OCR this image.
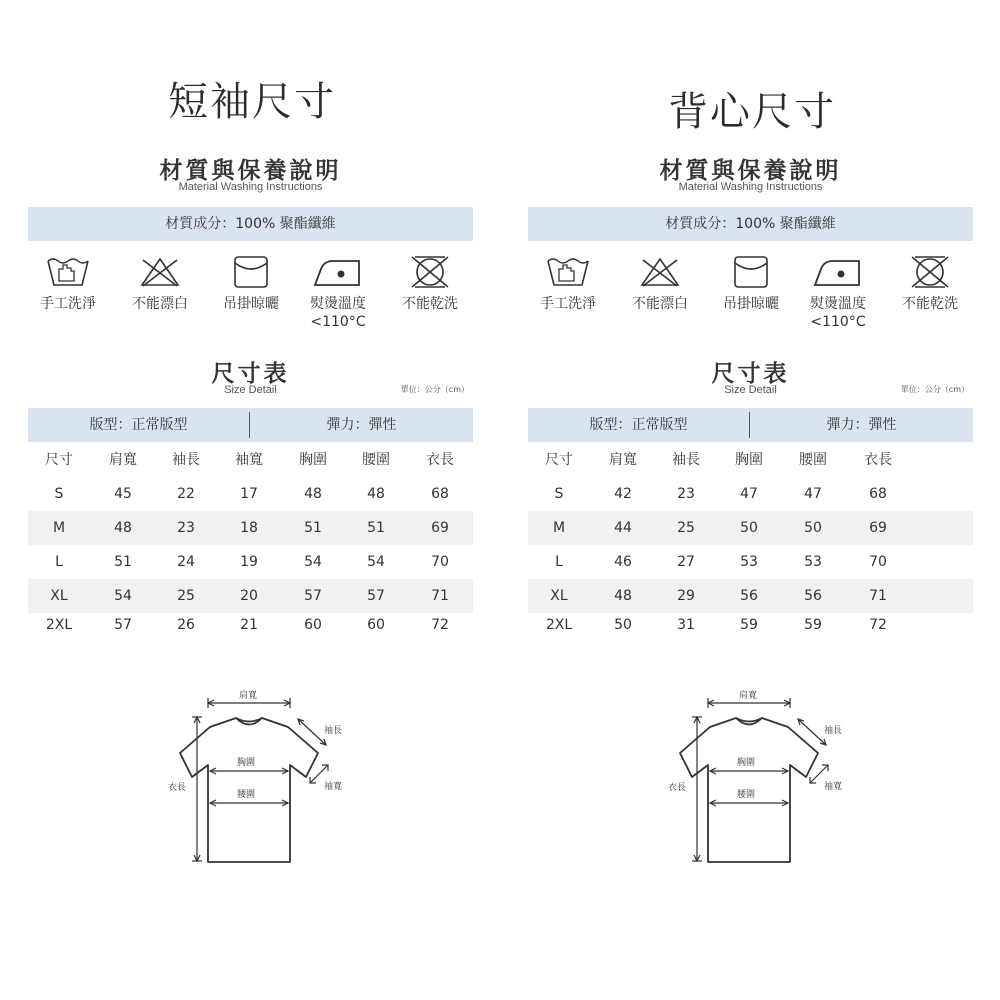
短袖尺寸
材質與保養說明
Material Washing Instructions
材質成分：100% 聚酯纖維
手工洗淨	不能漂白	吊掛晾曬	熨燙溫度
<110°C
不能乾洗
尺寸表
Size Detail	單位：公分（cm）
版型：正常版型	彈力：彈性
尺寸	肩寬	袖長	袖寬	胸圍	腰圍	衣長
S	45	22	17	48	48	68
M	48	23	18	51	51	69
L	51	24	19	54	54	70
XL	54	25	20	57	57	71
2XL	57	26	21	60	60	72
肩寬
袖長
胸圍
袖寬
腰圍
衣長
背心尺寸
材質與保養說明
Material Washing Instructions
材質成分：100% 聚酯纖維
手工洗淨	不能漂白	吊掛晾曬	熨燙溫度
<110°C
不能乾洗
尺寸表
Size Detail	單位：公分（cm）
版型：正常版型	彈力：彈性
尺寸	肩寬	袖長	胸圍	腰圍	衣長
S	42	23	47	47	68
M	44	25	50	50	69
L	46	27	53	53	70
XL	48	29	56	56	71
2XL	50	31	59	59	72
肩寬
袖長
胸圍
袖寬
腰圍
衣長
